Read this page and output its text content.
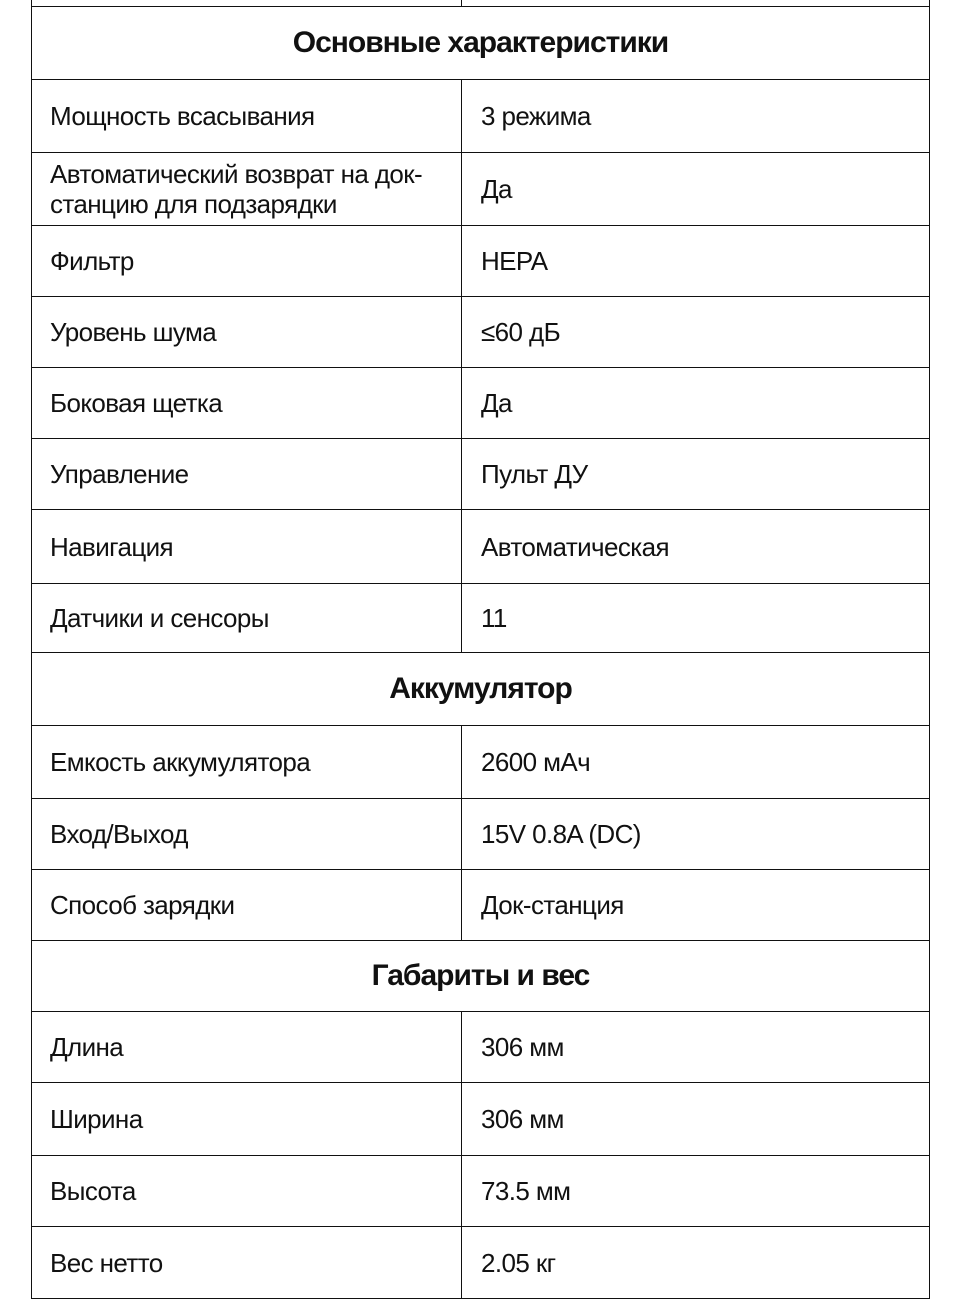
Основные характеристики	
Мощность всасывания	3 режима
Автоматический возврат на док-станцию для подзарядки	Да
Фильтр	HEPA
Уровень шума	≤60 дБ
Боковая щетка	Да
Управление	Пульт ДУ
Навигация	Автоматическая
Датчики и сенсоры	11
Аккумулятор	
Емкость аккумулятора	2600 мАч
Вход/Выход	15V 0.8A (DC)
Способ зарядки	Док-станция
Габариты и вес	
Длина	306 мм
Ширина	306 мм
Высота	73.5 мм
Вес нетто	2.05 кг
